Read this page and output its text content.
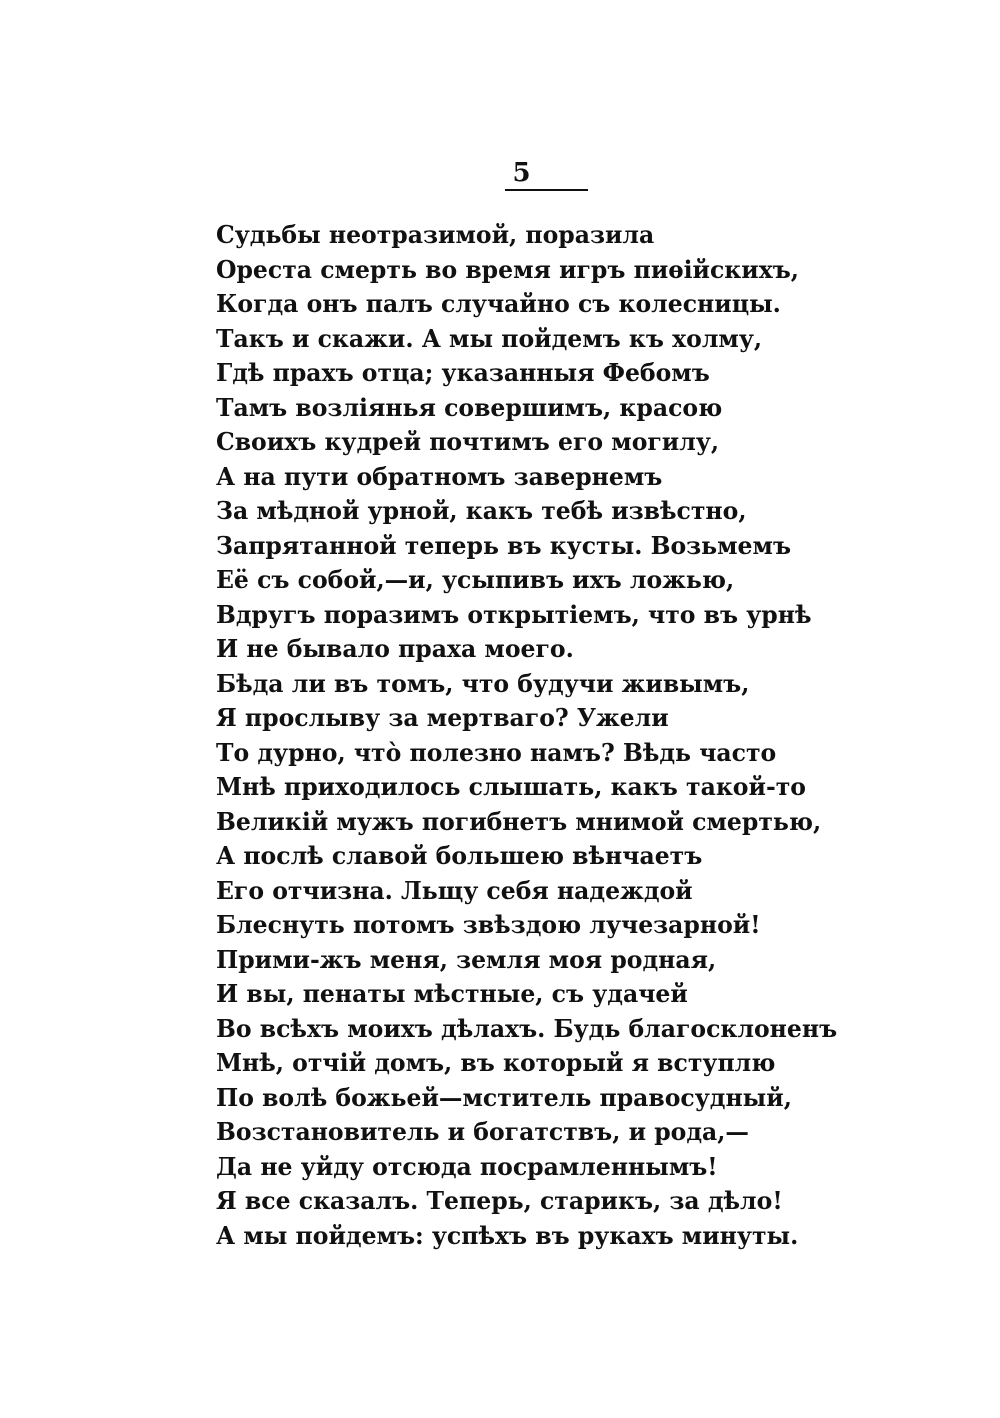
5
Судьбы неотразимой, поразила
Ореста смерть во время игръ пиѳійскихъ,
Когда онъ палъ случайно съ колесницы.
Такъ и скажи. А мы пойдемъ къ холму,
Гдѣ прахъ отца; указанныя Фебомъ
Тамъ возліянья совершимъ, красою
Своихъ кудрей почтимъ его могилу,
А на пути обратномъ завернемъ
За мѣдной урной, какъ тебѣ извѣстно,
Запрятанной теперь въ кусты. Возьмемъ
Её съ собой,—и, усыпивъ ихъ ложью,
Вдругъ поразимъ открытіемъ, что въ урнѣ
И не бывало праха моего.
Бѣда ли въ томъ, что будучи живымъ,
Я прослыву за мертваго? Ужели
То дурно, что̀ полезно намъ? Вѣдь часто
Мнѣ приходилось слышать, какъ такой-то
Великій мужъ погибнетъ мнимой смертью,
А послѣ славой большею вѣнчаетъ
Его отчизна. Льщу себя надеждой
Блеснуть потомъ звѣздою лучезарной!
Прими-жъ меня, земля моя родная,
И вы, пенаты мѣстные, съ удачей
Во всѣхъ моихъ дѣлахъ. Будь благосклоненъ
Мнѣ, отчій домъ, въ который я вступлю
По волѣ божьей—мститель правосудный,
Возстановитель и богатствъ, и рода,—
Да не уйду отсюда посрамленнымъ!
Я все сказалъ. Теперь, старикъ, за дѣло!
А мы пойдемъ: успѣхъ въ рукахъ минуты.
